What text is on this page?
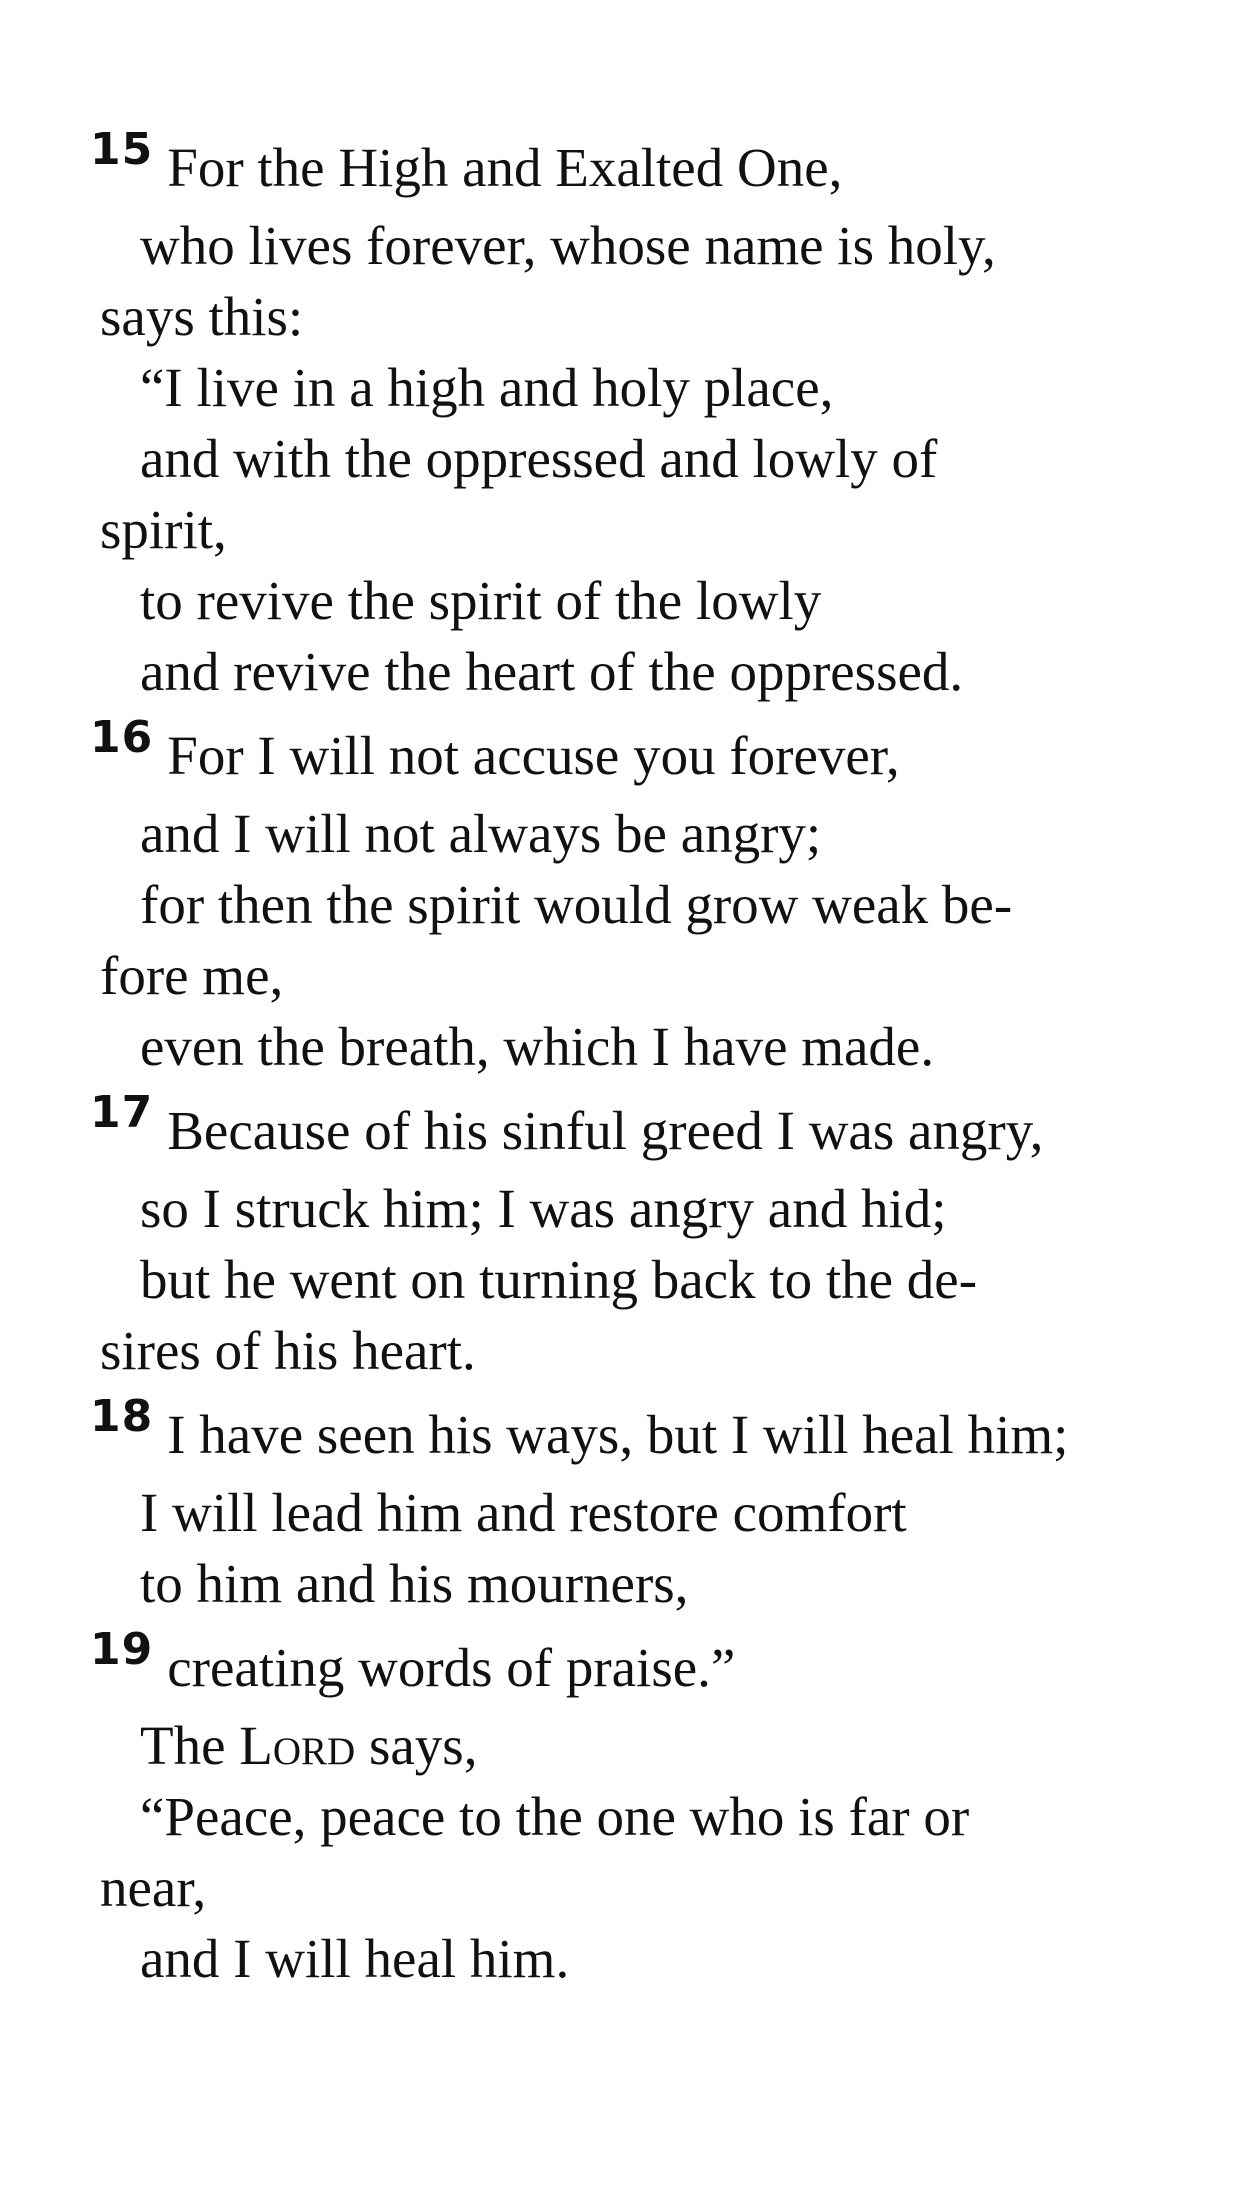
$^{15}$ For the High and Exalted One,
who lives forever, whose name is holy,
says this:
“I live in a high and holy place,
and with the oppressed and lowly of
spirit,
to revive the spirit of the lowly
and revive the heart of the oppressed.
$^{16}$ For I will not accuse you forever,
and I will not always be angry;
for then the spirit would grow weak be-
fore me,
even the breath, which I have made.
$^{17}$ Because of his sinful greed I was angry,
so I struck him; I was angry and hid;
but he went on turning back to the de-
sires of his heart.
$^{18}$ I have seen his ways, but I will heal him;
I will lead him and restore comfort
to him and his mourners,
$^{19}$ creating words of praise.”
The Lord says,
“Peace, peace to the one who is far or
near,
and I will heal him.
